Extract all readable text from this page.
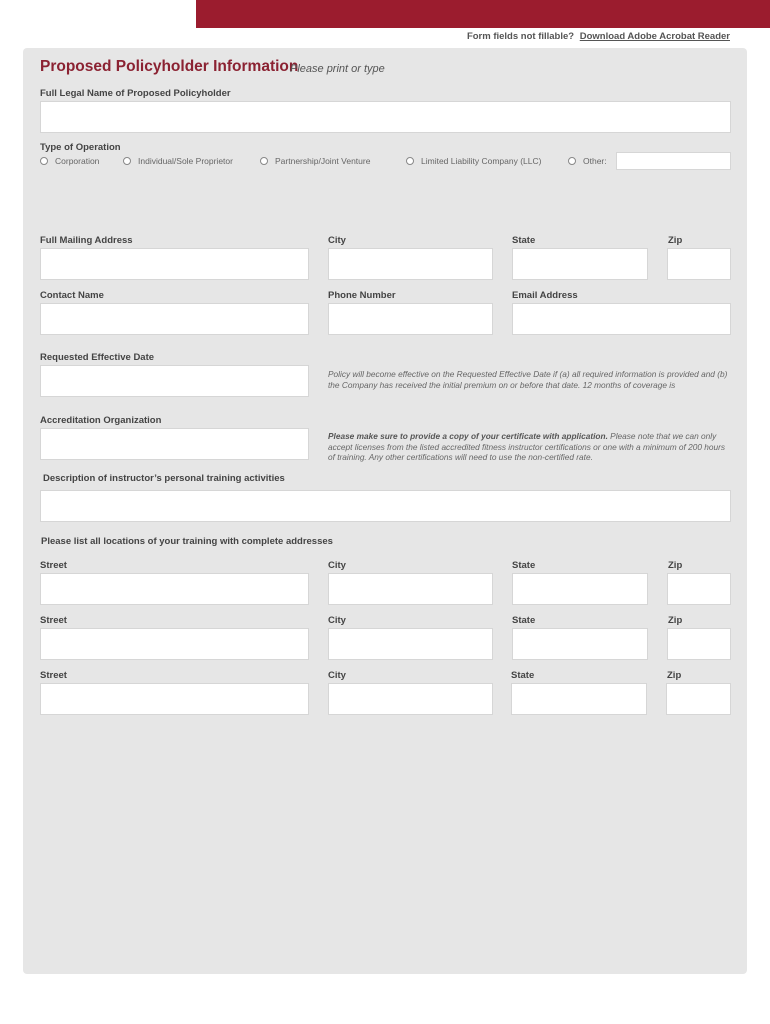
Form fields not fillable? Download Adobe Acrobat Reader
Proposed Policyholder Information
Please print or type
Full Legal Name of Proposed Policyholder
Type of Operation
Corporation	Individual/Sole Proprietor	Partnership/Joint Venture	Limited Liability Company (LLC)	Other:
Full Mailing Address	City	State	Zip
Contact Name	Phone Number	Email Address
Requested Effective Date
Policy will become effective on the Requested Effective Date if (a) all required information is provided and (b) the Company has received the initial premium on or before that date. 12 months of coverage is
Accreditation Organization
Please make sure to provide a copy of your certificate with application. Please note that we can only accept licenses from the listed accredited fitness instructor certifications or one with a minimum of 200 hours of training. Any other certifications will need to use the non-certified rate.
Description of instructor’s personal training activities
Please list all locations of your training with complete addresses
Street	City	State	Zip
Street	City	State	Zip
Street	City	State	Zip
